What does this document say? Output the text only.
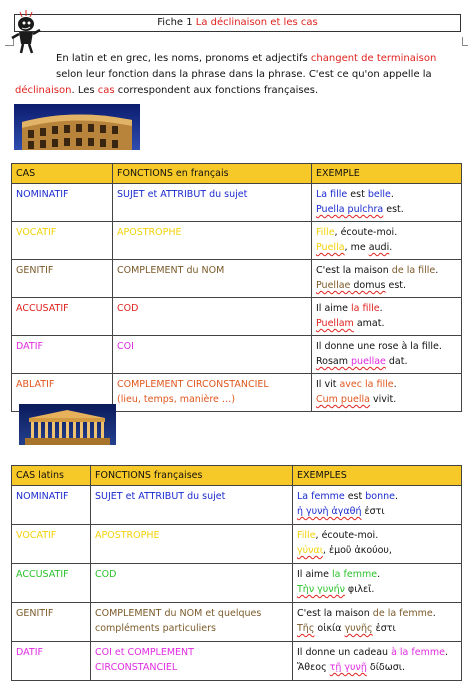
Fiche 1 La déclinaison et les cas
En latin et en grec, les noms, pronoms et adjectifs changent de terminaison
selon leur fonction dans la phrase dans la phrase. C'est ce qu'on appelle la
déclinaison. Les cas correspondent aux fonctions françaises.
CAS	FONCTIONS en français	EXEMPLE
NOMINATIF	SUJET et ATTRIBUT du sujet	La fille est belle.
Puella pulchra est.

VOCATIF	APOSTROPHE	Fille, écoute-moi.
Puella, me audi.

GENITIF	COMPLEMENT du NOM	C'est la maison de la fille.
Puellae domus est.

ACCUSATIF	COD	Il aime la fille.
Puellam amat.

DATIF	COI	Il donne une rose à la fille.
Rosam puellae dat.

ABLATIF	COMPLEMENT CIRCONSTANCIEL
(lieu, temps, manière …)	Il vit avec la fille.
Cum puella vivit.
CAS latins	FONCTIONS françaises	EXEMPLES
NOMINATIF	SUJET et ATTRIBUT du sujet	La femme est bonne.
ἡ γυνὴ ἀγαθή ἐστι

VOCATIF	APOSTROPHE	Fille, écoute-moi.
γύναι, ἐμοῦ ἀκούου,

ACCUSATIF	COD	Il aime la femme.
Τὴν γυνήν φιλεῖ.

GENITIF	COMPLEMENT du NOM et quelques
compléments particuliers	C'est la maison de la femme.
Τῆς οἰκία γυνῆς ἐστι

DATIF	COI et COMPLEMENT
CIRCONSTANCIEL	Il donne un cadeau à la femme.
Ἄθεος τῇ γυνῇ δίδωσι.
